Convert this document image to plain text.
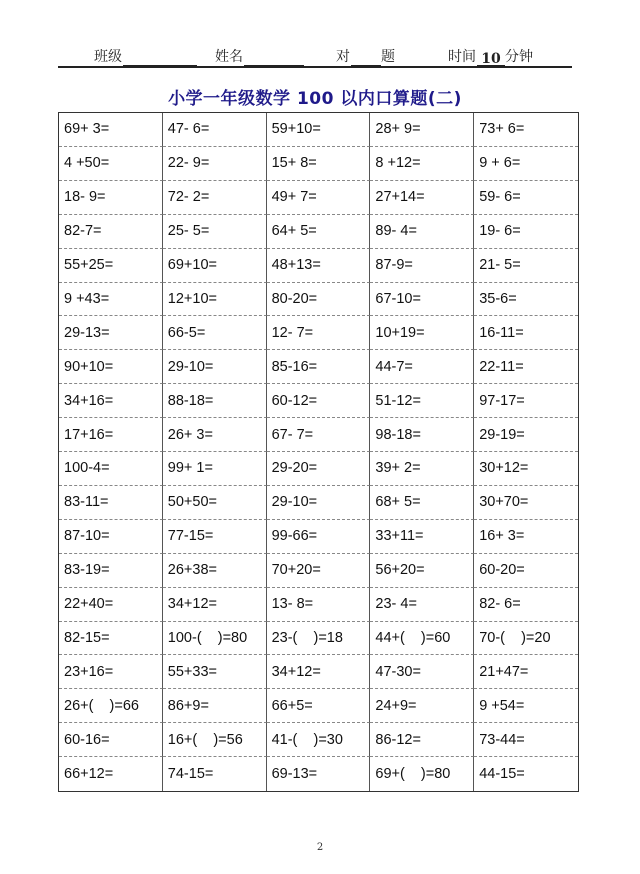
班级	姓名	对 题	时间 10 分钟
小学一年级数学 100 以内口算题(二)
69+ 3=	47- 6=	59+10=	28+ 9=	73+ 6=
4 +50=	22- 9=	15+ 8=	8 +12=	9 + 6=
18- 9=	72- 2=	49+ 7=	27+14=	59- 6=
82-7=	25- 5=	64+ 5=	89- 4=	19- 6=
55+25=	69+10=	48+13=	87-9=	21- 5=
9 +43=	12+10=	80-20=	67-10=	35-6=
29-13=	66-5=	12- 7=	10+19=	16-11=
90+10=	29-10=	85-16=	44-7=	22-11=
34+16=	88-18=	60-12=	51-12=	97-17=
17+16=	26+ 3=	67- 7=	98-18=	29-19=
100-4=	99+ 1=	29-20=	39+ 2=	30+12=
83-11=	50+50=	29-10=	68+ 5=	30+70=
87-10=	77-15=	99-66=	33+11=	16+ 3=
83-19=	26+38=	70+20=	56+20=	60-20=
22+40=	34+12=	13- 8=	23- 4=	82- 6=
82-15=	100-(    )=80	23-(    )=18	44+(    )=60	70-(    )=20
23+16=	55+33=	34+12=	47-30=	21+47=
26+(    )=66	86+9=	66+5=	24+9=	9 +54=
60-16=	16+(    )=56	41-(    )=30	86-12=	73-44=
66+12=	74-15=	69-13=	69+(    )=80	44-15=
2
